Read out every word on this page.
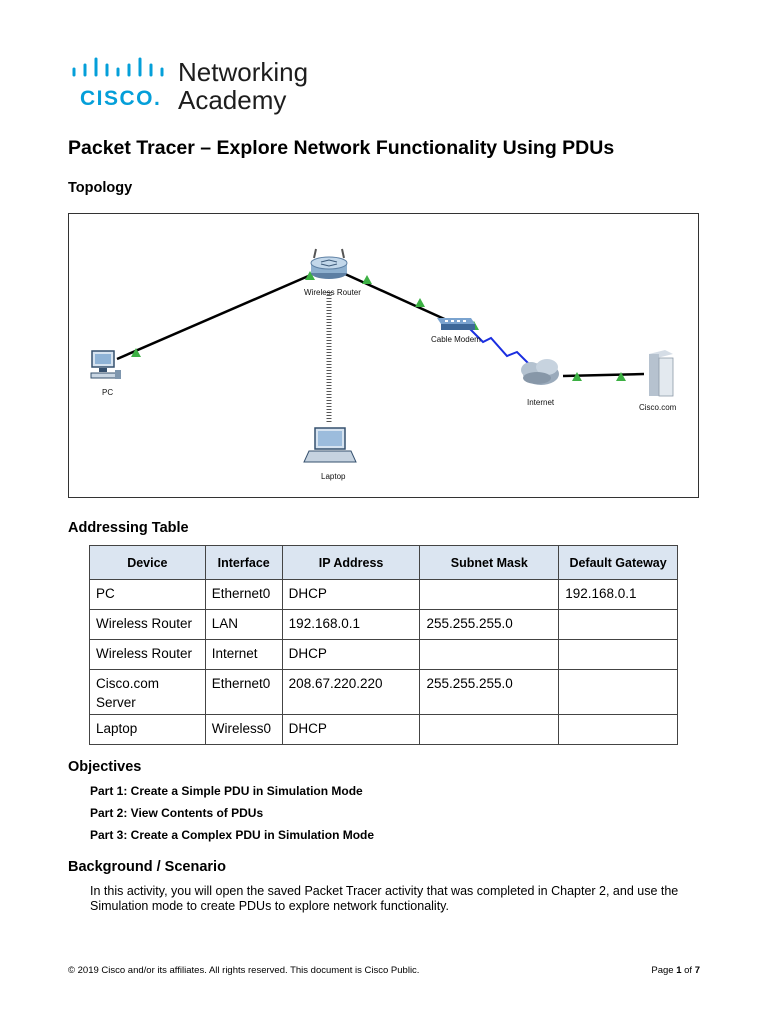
CISCO.
Networking
Academy
Packet Tracer – Explore Network Functionality Using PDUs
Topology
Wireless Router
PC
Cable Modem
Internet
Cisco.com
Laptop
Addressing Table
Device	Interface	IP Address	Subnet Mask	Default Gateway
PC	Ethernet0	DHCP		192.168.0.1
Wireless Router	LAN	192.168.0.1	255.255.255.0	
Wireless Router	Internet	DHCP		
Cisco.com Server	Ethernet0	208.67.220.220	255.255.255.0	
Laptop	Wireless0	DHCP		
Objectives
Part 1: Create a Simple PDU in Simulation Mode
Part 2: View Contents of PDUs
Part 3: Create a Complex PDU in Simulation Mode
Background / Scenario
In this activity, you will open the saved Packet Tracer activity that was completed in Chapter 2, and use the Simulation mode to create PDUs to explore network functionality.
© 2019 Cisco and/or its affiliates. All rights reserved. This document is Cisco Public.	Page 1 of 7
